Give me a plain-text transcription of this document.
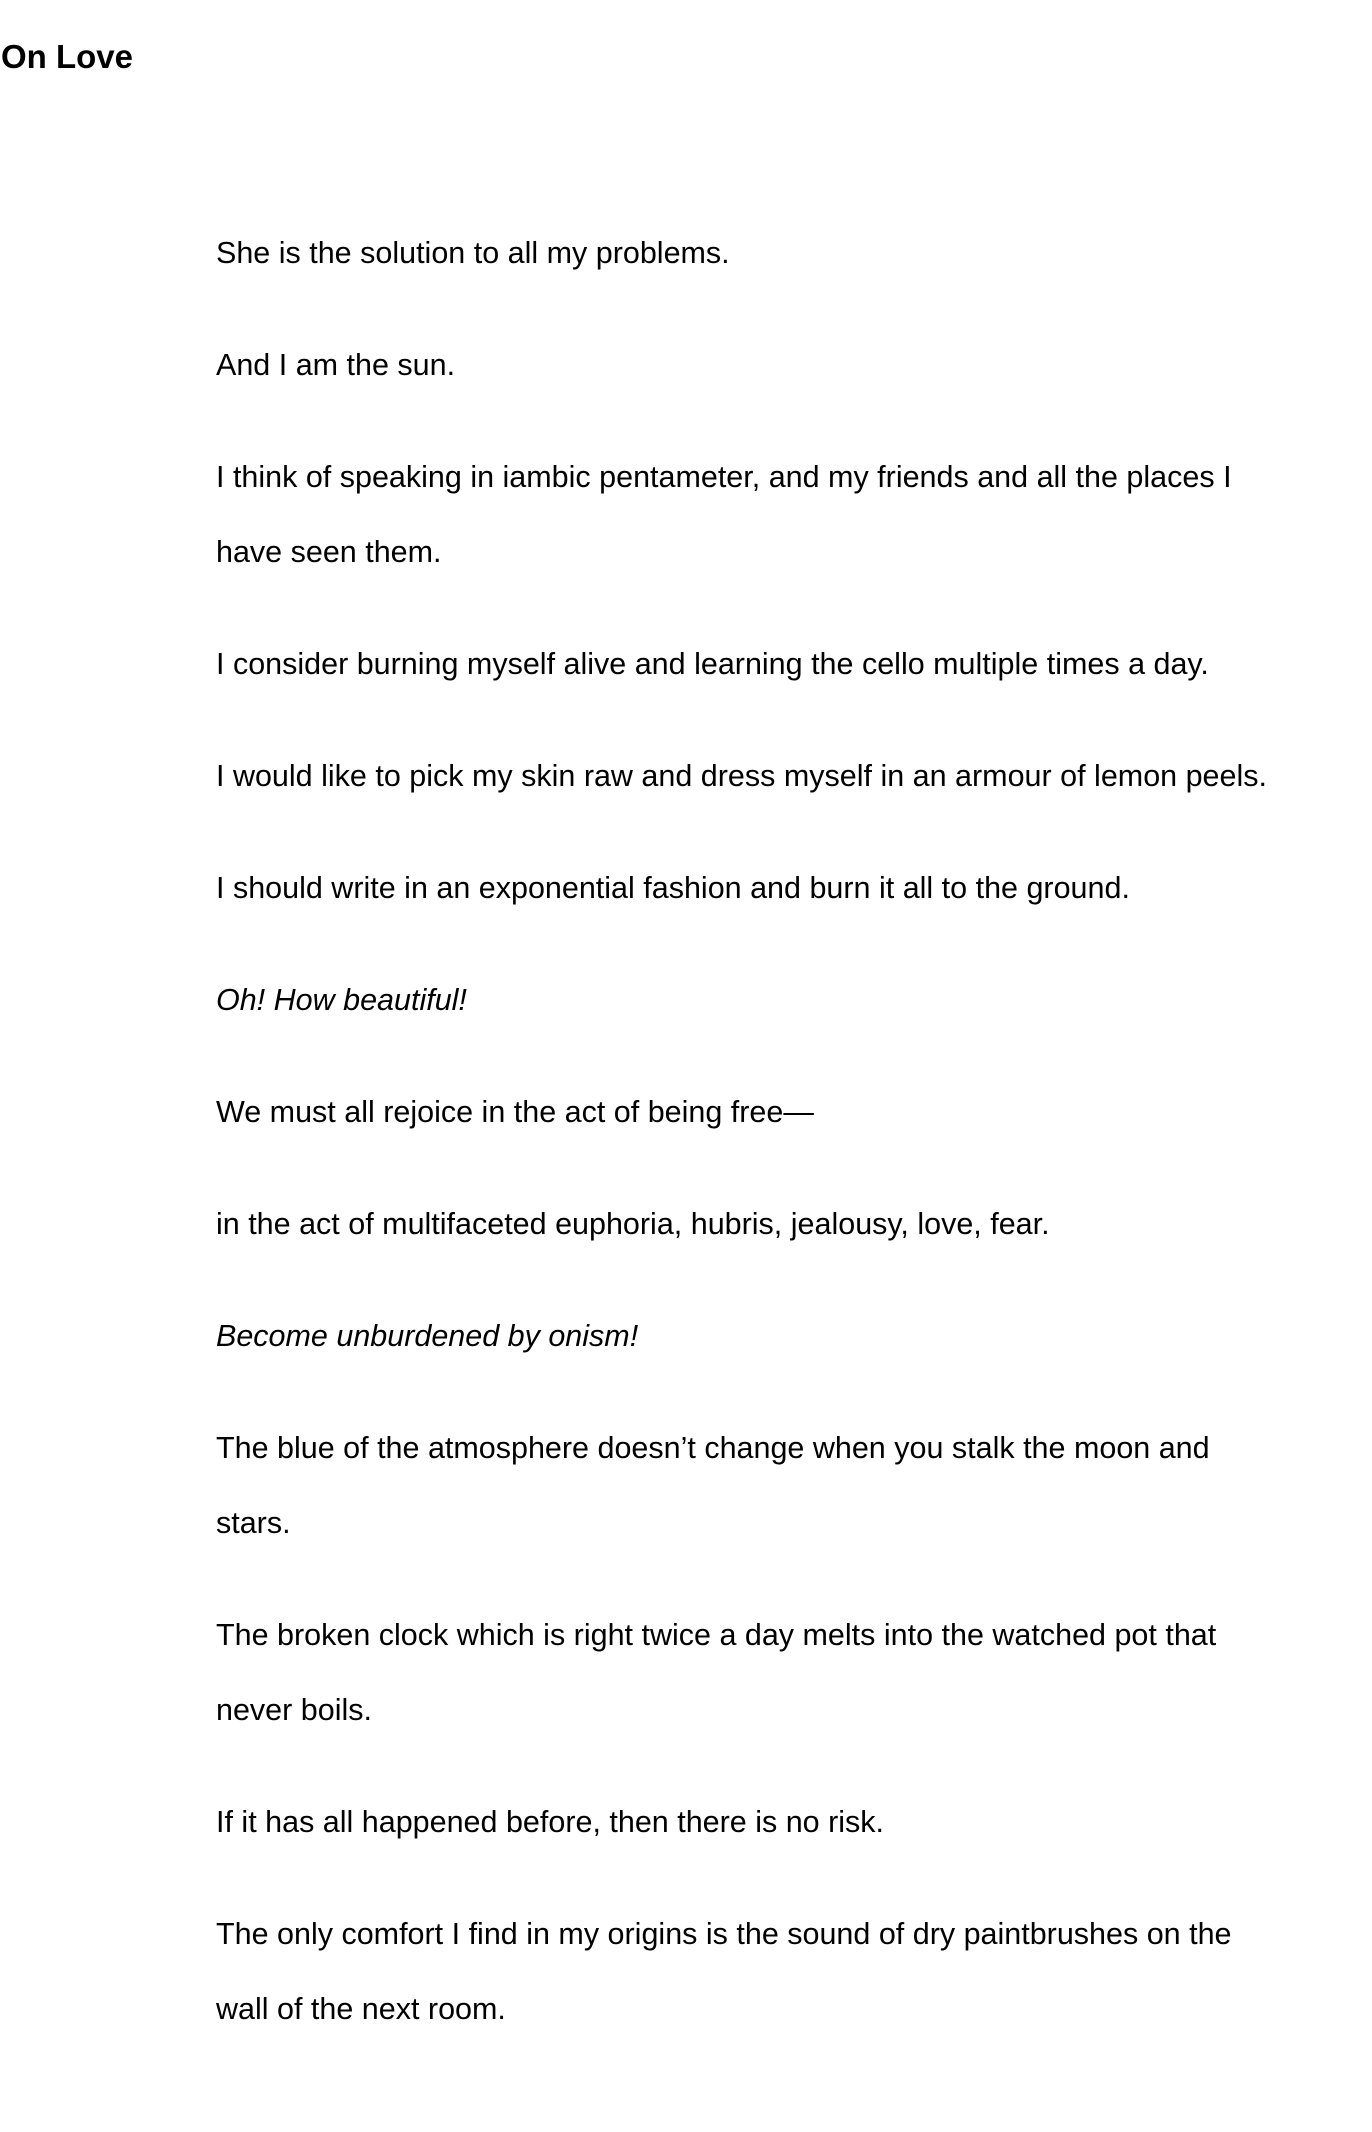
On Love

She is the solution to all my problems.

And I am the sun.

I think of speaking in iambic pentameter, and my friends and all the places I

have seen them.

I consider burning myself alive and learning the cello multiple times a day.

I would like to pick my skin raw and dress myself in an armour of lemon peels.

I should write in an exponential fashion and burn it all to the ground.

Oh! How beautiful!

We must all rejoice in the act of being free—

in the act of multifaceted euphoria, hubris, jealousy, love, fear.

Become unburdened by onism!

The blue of the atmosphere doesn’t change when you stalk the moon and

stars.

The broken clock which is right twice a day melts into the watched pot that

never boils.

If it has all happened before, then there is no risk.

The only comfort I find in my origins is the sound of dry paintbrushes on the

wall of the next room.
